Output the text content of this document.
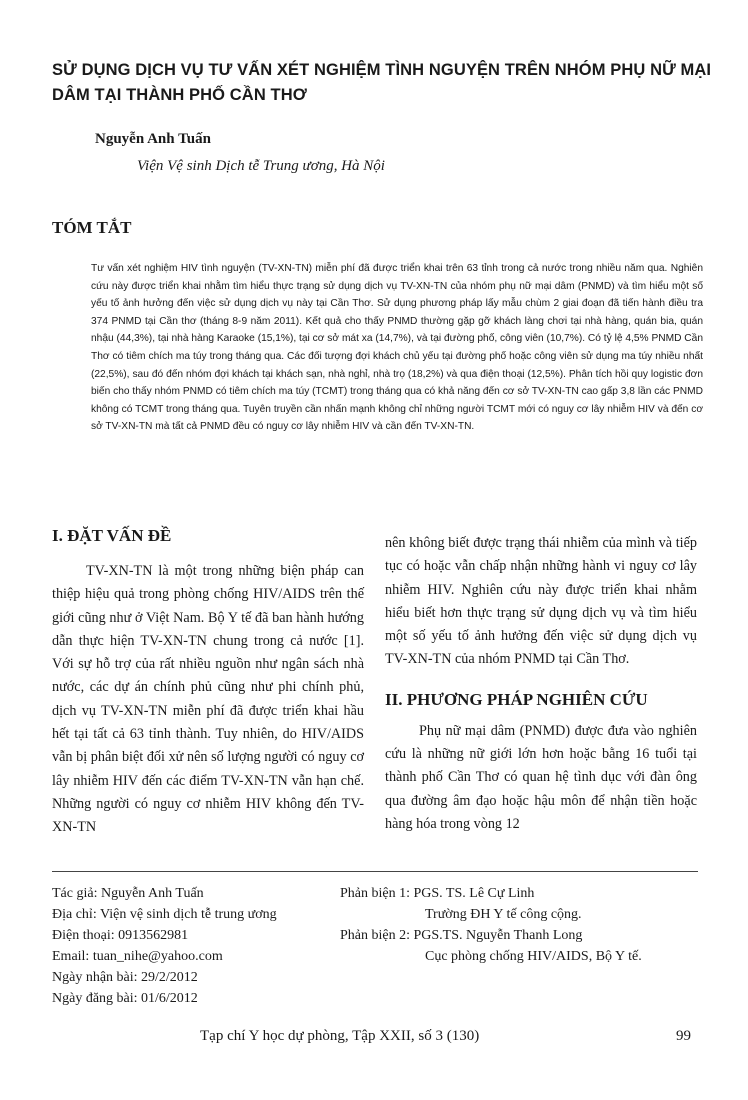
SỬ DỤNG DỊCH VỤ TƯ VẤN XÉT NGHIỆM TÌNH NGUYỆN TRÊN NHÓM PHỤ NỮ MẠI DÂM TẠI THÀNH PHỐ CẦN THƠ

Nguyễn Anh Tuấn

Viện Vệ sinh Dịch tễ Trung ương, Hà Nội

TÓM TẮT

Tư vấn xét nghiệm HIV tình nguyện (TV-XN-TN) miễn phí đã được triển khai trên 63 tỉnh trong cả nước trong nhiều năm qua. Nghiên cứu này được triển khai nhằm tìm hiểu thực trạng sử dụng dịch vụ TV-XN-TN của nhóm phụ nữ mại dâm (PNMD) và tìm hiểu một số yếu tố ảnh hưởng đến việc sử dụng dịch vụ này tại Cần Thơ. Sử dụng phương pháp lấy mẫu chùm 2 giai đoạn đã tiến hành điều tra 374 PNMD tại Cần thơ (tháng 8-9 năm 2011). Kết quả cho thấy PNMD thường gặp gỡ khách làng chơi tại nhà hàng, quán bia, quán nhậu (44,3%), tại nhà hàng Karaoke (15,1%), tại cơ sở mát xa (14,7%), và tại đường phố, công viên (10,7%). Có tỷ lệ 4,5% PNMD Cần Thơ có tiêm chích ma túy trong tháng qua. Các đối tượng đợi khách chủ yếu tại đường phố hoặc công viên sử dụng ma túy nhiều nhất (22,5%), sau đó đến nhóm đợi khách tại khách sạn, nhà nghỉ, nhà trọ (18,2%) và qua điện thoại (12,5%). Phân tích hồi quy logistic đơn biến cho thấy nhóm PNMD có tiêm chích ma túy (TCMT) trong tháng qua có khả năng đến cơ sở TV-XN-TN cao gấp 3,8 lần các PNMD không có TCMT trong tháng qua. Tuyên truyền cần nhấn mạnh không chỉ những người TCMT mới có nguy cơ lây nhiễm HIV và đến cơ sở TV-XN-TN mà tất cả PNMD đều có nguy cơ lây nhiễm HIV và cần đến TV-XN-TN.

I. ĐẶT VẤN ĐỀ

TV-XN-TN là một trong những biện pháp can thiệp hiệu quả trong phòng chống HIV/AIDS trên thế giới cũng như ở Việt Nam. Bộ Y tế đã ban hành hướng dẫn thực hiện TV-XN-TN chung trong cả nước [1]. Với sự hỗ trợ của rất nhiều nguồn như ngân sách nhà nước, các dự án chính phủ cũng như phi chính phủ, dịch vụ TV-XN-TN miễn phí đã được triển khai hầu hết tại tất cả 63 tỉnh thành. Tuy nhiên, do HIV/AIDS vẫn bị phân biệt đối xử nên số lượng người có nguy cơ lây nhiễm HIV đến các điểm TV-XN-TN vẫn hạn chế. Những người có nguy cơ nhiễm HIV không đến TV-XN-TN

nên không biết được trạng thái nhiễm của mình và tiếp tục có hoặc vẫn chấp nhận những hành vi nguy cơ lây nhiễm HIV. Nghiên cứu này được triển khai nhằm hiểu biết hơn thực trạng sử dụng dịch vụ và tìm hiểu một số yếu tố ảnh hưởng đến việc sử dụng dịch vụ TV-XN-TN của nhóm PNMD tại Cần Thơ.

II. PHƯƠNG PHÁP NGHIÊN CỨU

Phụ nữ mại dâm (PNMD) được đưa vào nghiên cứu là những nữ giới lớn hơn hoặc bằng 16 tuổi tại thành phố Cần Thơ có quan hệ tình dục với đàn ông qua đường âm đạo hoặc hậu môn để nhận tiền hoặc hàng hóa trong vòng 12

Tác giả: Nguyễn Anh Tuấn
Địa chỉ: Viện vệ sinh dịch tễ trung ương
Điện thoại: 0913562981
Email: tuan_nihe@yahoo.com
Ngày nhận bài: 29/2/2012
Ngày đăng bài: 01/6/2012
Phản biện 1: PGS. TS. Lê Cự Linh
Trường ĐH Y tế công cộng.
Phản biện 2: PGS.TS. Nguyễn Thanh Long
Cục phòng chống HIV/AIDS, Bộ Y tế.
Tạp chí Y học dự phòng, Tập XXII, số 3 (130)	99
